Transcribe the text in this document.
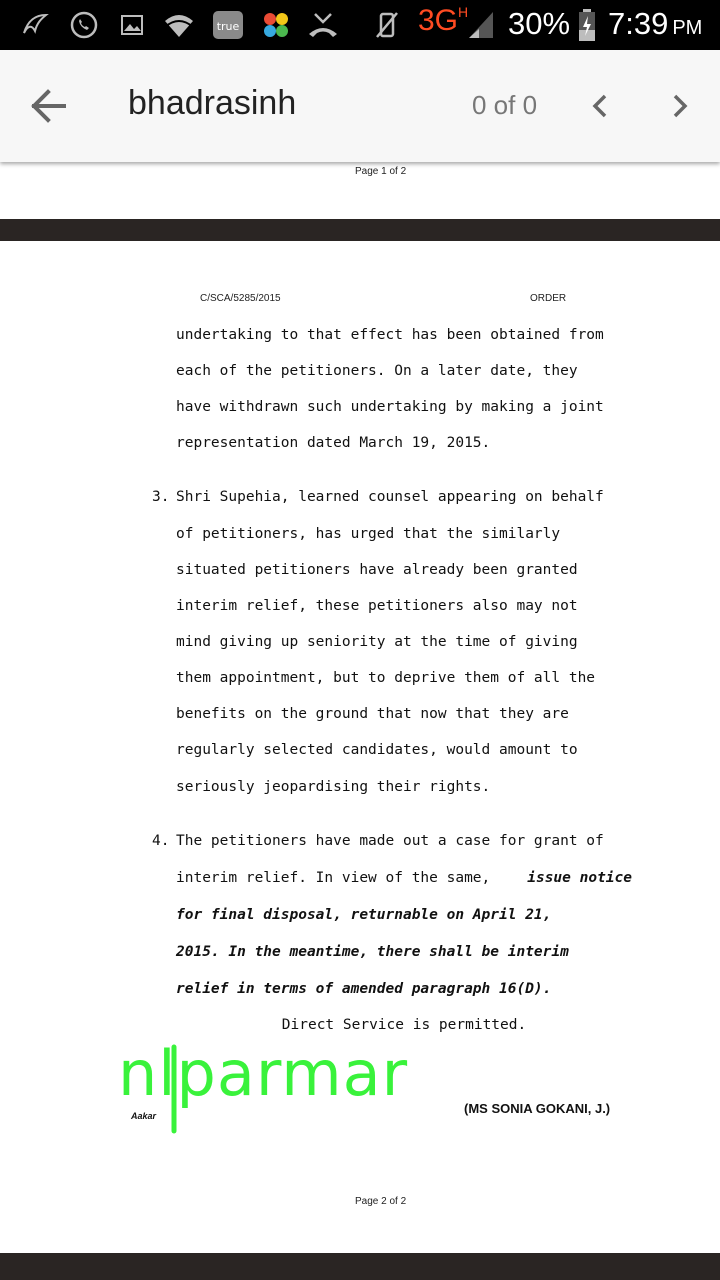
true	$3G^H$ 30% 7:39 PM
bhadrasinh	0 of 0
Page 1 of 2
C/SCA/5285/2015	ORDER
undertaking to that effect has been obtained from
each of the petitioners. On a later date, they
have withdrawn such undertaking by making a joint
representation dated March 19, 2015.
3. Shri Supehia, learned counsel appearing on behalf
of petitioners, has urged that the similarly
situated petitioners have already been granted
interim relief, these petitioners also may not
mind giving up seniority at the time of giving
them appointment, but to deprive them of all the
benefits on the ground that now that they are
regularly selected candidates, would amount to
seriously jeopardising their rights.
4. The petitioners have made out a case for grant of
interim relief. In view of the same,	issue notice
for final disposal, returnable on April 21,
2015. In the meantime, there shall be interim
relief in terms of amended paragraph 16(D).
Direct Service is permitted.
nlparmar
Aakar	(MS SONIA GOKANI, J.)
Page 2 of 2
